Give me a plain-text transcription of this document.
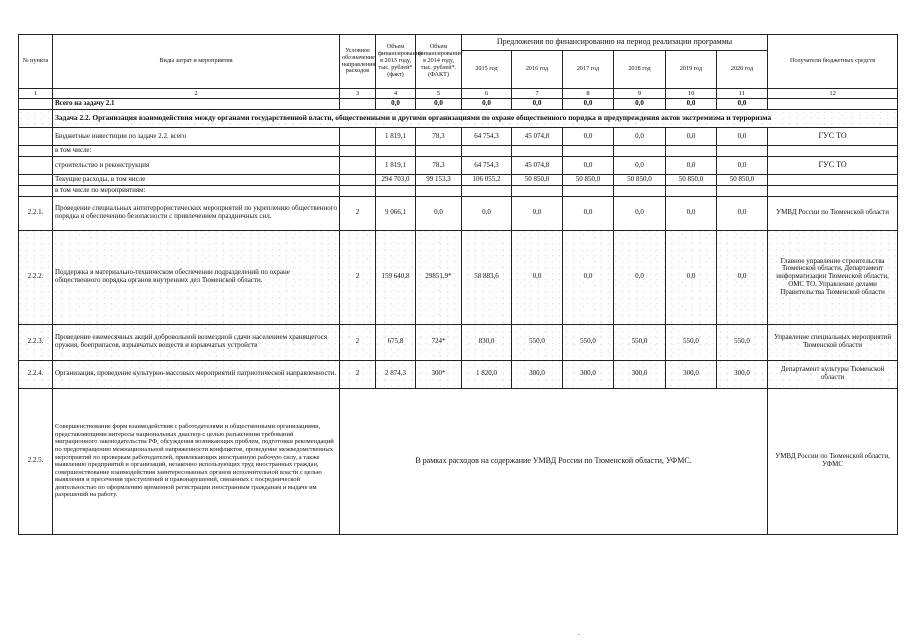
№ пункта	Виды затрат и мероприятия	Условное обозначение направления расходов	Объем финансирования в 2013 году, тыс. рублей* (факт)	Объем финансирования в 2014 году, тыс. рублей*. (ФАКТ)	Предложения по финансированию на период реализации программы						Получатели бюджетных средств
					2015 год	2016 год	2017 год	2018 год	2019 год	2020 год	
1	2	3	4	5	6	7	8	9	10	11	12
	Всего на задачу 2.1		0,0	0,0	0,0	0,0	0,0	0,0	0,0	0,0	
	Задача 2.2. Организация взаимодействия между органами государственной власти, общественными и другими организациями по охране общественного порядка и предупреждения актов экстремизма и терроризма										
	Бюджетные инвестиции по задаче 2.2. всего		1 819,1	78,3	64 754,3	45 074,8	0,0	0,0	0,0	0,0	ГУС ТО
	в том числе:										
	строительство и реконструкция		1 819,1	78,3	64 754,3	45 074,8	0,0	0,0	0,0	0,0	ГУС ТО
	Текущие расходы, в том числе		294 703,0	99 153,3	106 055,2	50 850,0	50 850,0	50 850,0	50 850,0	50 850,0	
	в том числе по мероприятиям:										
2.2.1.	Проведение специальных антитеррористических мероприятий по укреплению общественного порядка и обеспечению безопасности с привлечением праздничных сил.	2	9 066,1	0,0	0,0	0,0	0,0	0,0	0,0	0,0	УМВД России по Тюменской области
2.2.2.	Поддержка в материально-техническом обеспечении подразделений по охране общественного порядка органов внутренних дел Тюменской области.	2	159 640,8	29851,9*	58 883,6	0,0	0,0	0,0	0,0	0,0	Главное управление строительства Тюменской области, Департамент информатизации Тюменской области, ОМС ТО, Управление делами Правительства Тюменской области
2.2.3.	Проведение ежемесячных акций добровольной возмездной сдачи населением хранящегося оружия, боеприпасов, взрывчатых веществ и взрывчатых устройств	2	675,8	724*	830,0	550,0	550,0	550,0	550,0	550,0	Управление специальных мероприятий Тюменской области
2.2.4.	Организация, проведение культурно-массовых мероприятий патриотической направленности.	2	2 874,3	300*	1 820,0	300,0	300,0	300,0	300,0	300,0	Департамент культуры Тюменской области
2.2.5.	Совершенствование форм взаимодействия с работодателями и общественными организациями, представляющими интересы национальных диаспор с целью разъяснения требований миграционного законодательства РФ, обсуждения возникающих проблем, подготовки рекомендаций по предотвращению межнациональной напряженности конфликтов, проведение межведомственных мероприятий по проверкам работодателей, привлекающих иностранную рабочую силу, а также выявлению предприятий и организаций, незаконно использующих труд иностранных граждан, совершенствование взаимодействия заинтересованных органов исполнительной власти с целью выявления и пресечения преступлений и правонарушений, связанных с посреднической деятельностью по оформлению временной регистрации иностранным гражданам и выдаче им разрешений на работу.	В рамках расходов на содержание УМВД России по Тюменской области, УФМС.									УМВД России по Тюменской области, УФМС
-
